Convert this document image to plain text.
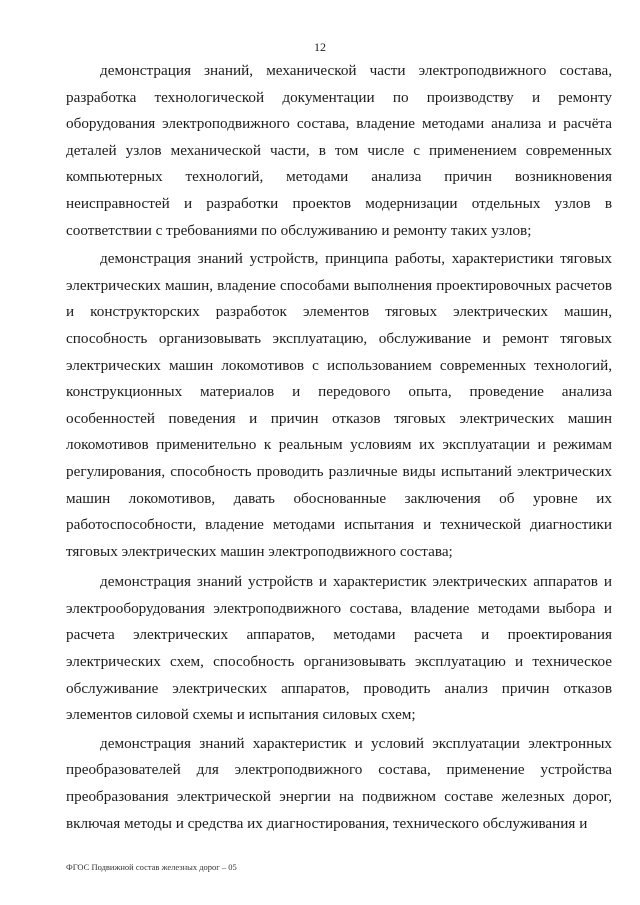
12

демонстрация знаний, механической части электроподвижного состава, разработка технологической документации по производству и ремонту оборудования электроподвижного состава, владение методами анализа и расчёта деталей узлов механической части, в том числе с применением современных компьютерных технологий, методами анализа причин возникновения неисправностей и разработки проектов модернизации отдельных узлов в соответствии с требованиями по обслуживанию и ремонту таких узлов;

демонстрация знаний устройств, принципа работы, характеристики тяговых электрических машин, владение способами выполнения проектировочных расчетов и конструкторских разработок элементов тяговых электрических машин, способность организовывать эксплуатацию, обслуживание и ремонт тяговых электрических машин локомотивов с использованием современных технологий, конструкционных материалов и передового опыта, проведение анализа особенностей поведения и причин отказов тяговых электрических машин локомотивов применительно к реальным условиям их эксплуатации и режимам регулирования, способность проводить различные виды испытаний электрических машин локомотивов, давать обоснованные заключения об уровне их работоспособности, владение методами испытания и технической диагностики тяговых электрических машин электроподвижного состава;

демонстрация знаний устройств и характеристик электрических аппаратов и электрооборудования электроподвижного состава, владение методами выбора и расчета электрических аппаратов, методами расчета и проектирования электрических схем, способность организовывать эксплуатацию и техническое обслуживание электрических аппаратов, проводить анализ причин отказов элементов силовой схемы и испытания силовых схем;

демонстрация знаний характеристик и условий эксплуатации электронных преобразователей для электроподвижного состава, применение устройства преобразования электрической энергии на подвижном составе железных дорог, включая методы и средства их диагностирования, технического обслуживания и

ФГОС Подвижной состав железных дорог – 05
